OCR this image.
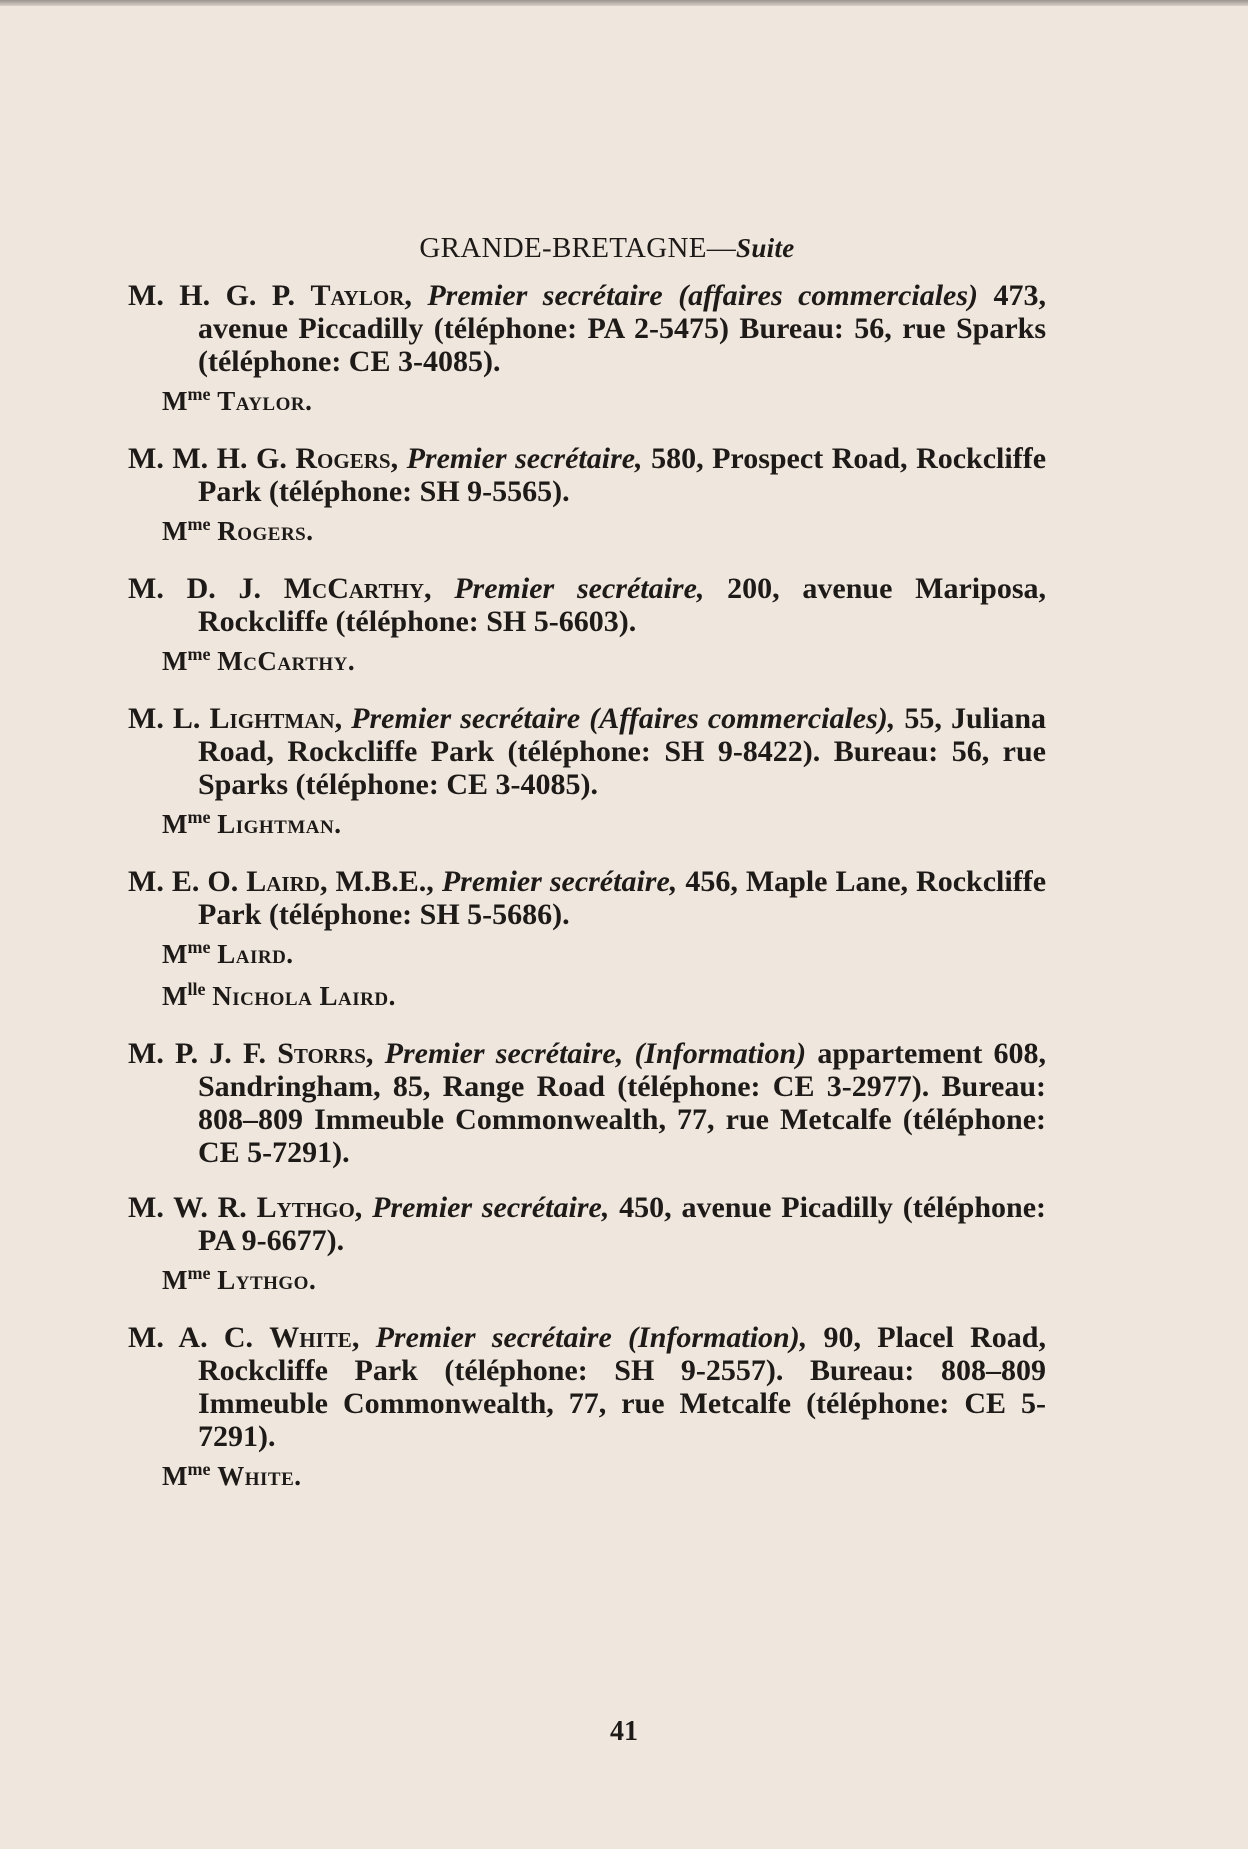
GRANDE-BRETAGNE—Suite
M. H. G. P. Taylor, Premier secrétaire (affaires commerciales) 473, avenue Piccadilly (téléphone: PA 2-5475) Bureau: 56, rue Sparks (téléphone: CE 3-4085).
$M^{me}$ Taylor.
M. M. H. G. Rogers, Premier secrétaire, 580, Prospect Road, Rockcliffe Park (téléphone: SH 9-5565).
$M^{me}$ Rogers.
M. D. J. McCarthy, Premier secrétaire, 200, avenue Mariposa, Rockcliffe (téléphone: SH 5-6603).
$M^{me}$ McCarthy.
M. L. Lightman, Premier secrétaire (Affaires commerciales), 55, Juliana Road, Rockcliffe Park (téléphone: SH 9-8422). Bureau: 56, rue Sparks (téléphone: CE 3-4085).
$M^{me}$ Lightman.
M. E. O. Laird, M.B.E., Premier secrétaire, 456, Maple Lane, Rockcliffe Park (téléphone: SH 5-5686).
$M^{me}$ Laird.
$M^{lle}$ Nichola Laird.
M. P. J. F. Storrs, Premier secrétaire, (Information) appartement 608, Sandringham, 85, Range Road (téléphone: CE 3-2977). Bureau: 808–809 Immeuble Commonwealth, 77, rue Metcalfe (téléphone: CE 5-7291).
M. W. R. Lythgo, Premier secrétaire, 450, avenue Picadilly (téléphone: PA 9-6677).
$M^{me}$ Lythgo.
M. A. C. White, Premier secrétaire (Information), 90, Placel Road, Rockcliffe Park (téléphone: SH 9-2557). Bureau: 808–809 Immeuble Commonwealth, 77, rue Metcalfe (téléphone: CE 5-7291).
$M^{me}$ White.
41
